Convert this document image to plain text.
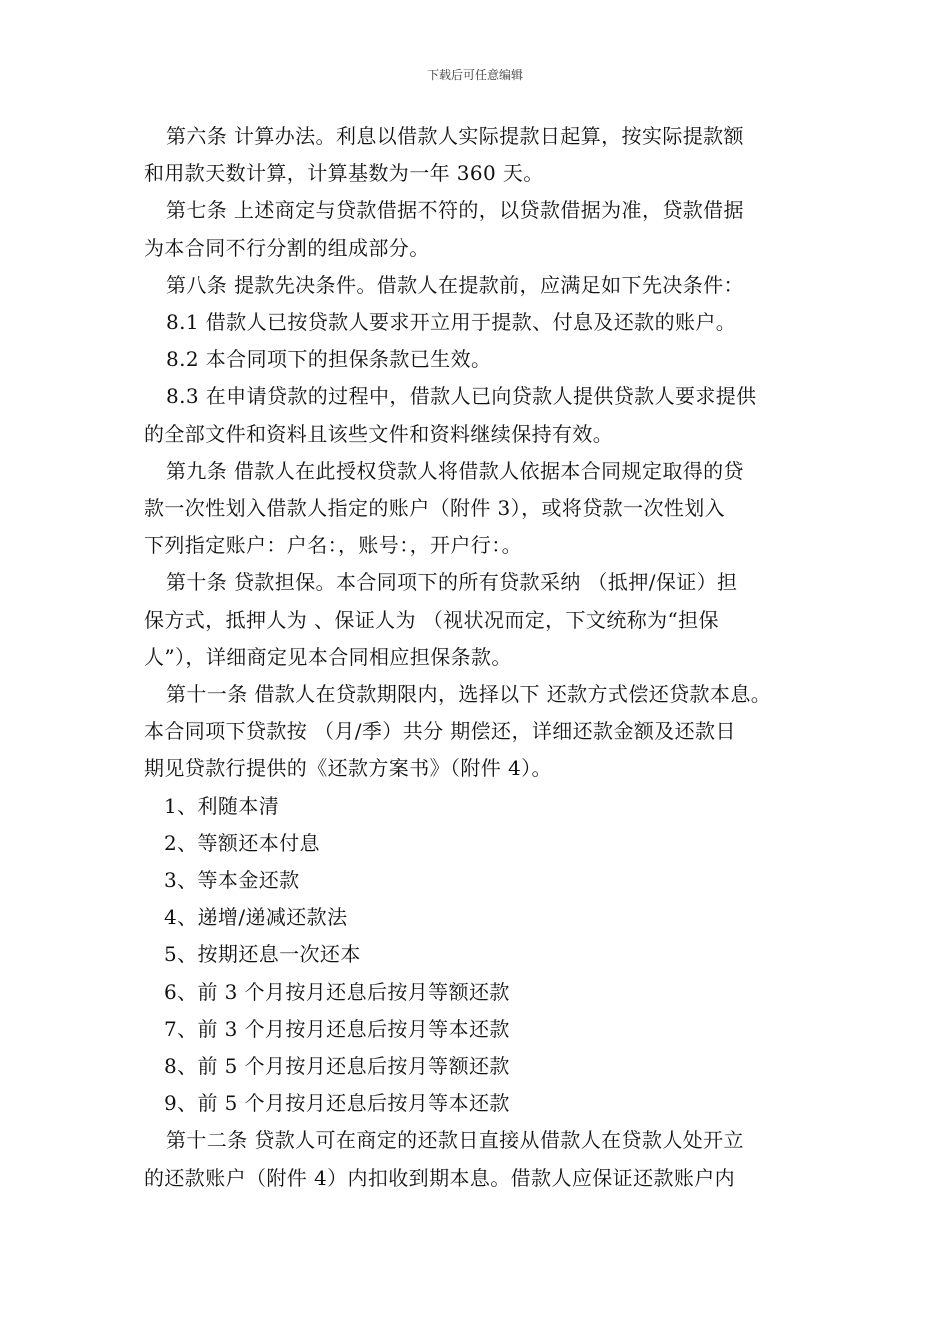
下载后可任意编辑

第六条 计算办法。利息以借款人实际提款日起算，按实际提款额
和用款天数计算，计算基数为一年 360 天。

第七条 上述商定与贷款借据不符的，以贷款借据为准，贷款借据
为本合同不行分割的组成部分。

第八条 提款先决条件。借款人在提款前，应满足如下先决条件：

8.1 借款人已按贷款人要求开立用于提款、付息及还款的账户。

8.2 本合同项下的担保条款已生效。

8.3 在申请贷款的过程中，借款人已向贷款人提供贷款人要求提供
的全部文件和资料且该些文件和资料继续保持有效。

第九条 借款人在此授权贷款人将借款人依据本合同规定取得的贷
款一次性划入借款人指定的账户（附件 3），或将贷款一次性划入
下列指定账户：户名：，账号：，开户行：。

第十条 贷款担保。本合同项下的所有贷款采纳 （抵押/保证）担
保方式，抵押人为 、保证人为 （视状况而定，下文统称为“担保
人”），详细商定见本合同相应担保条款。

第十一条 借款人在贷款期限内，选择以下 还款方式偿还贷款本息。
本合同项下贷款按 （月/季）共分 期偿还，详细还款金额及还款日
期见贷款行提供的《还款方案书》（附件 4）。

1、利随本清

2、等额还本付息

3、等本金还款

4、递增/递减还款法

5、按期还息一次还本

6、前 3 个月按月还息后按月等额还款

7、前 3 个月按月还息后按月等本还款

8、前 5 个月按月还息后按月等额还款

9、前 5 个月按月还息后按月等本还款

第十二条 贷款人可在商定的还款日直接从借款人在贷款人处开立
的还款账户（附件 4）内扣收到期本息。借款人应保证还款账户内
